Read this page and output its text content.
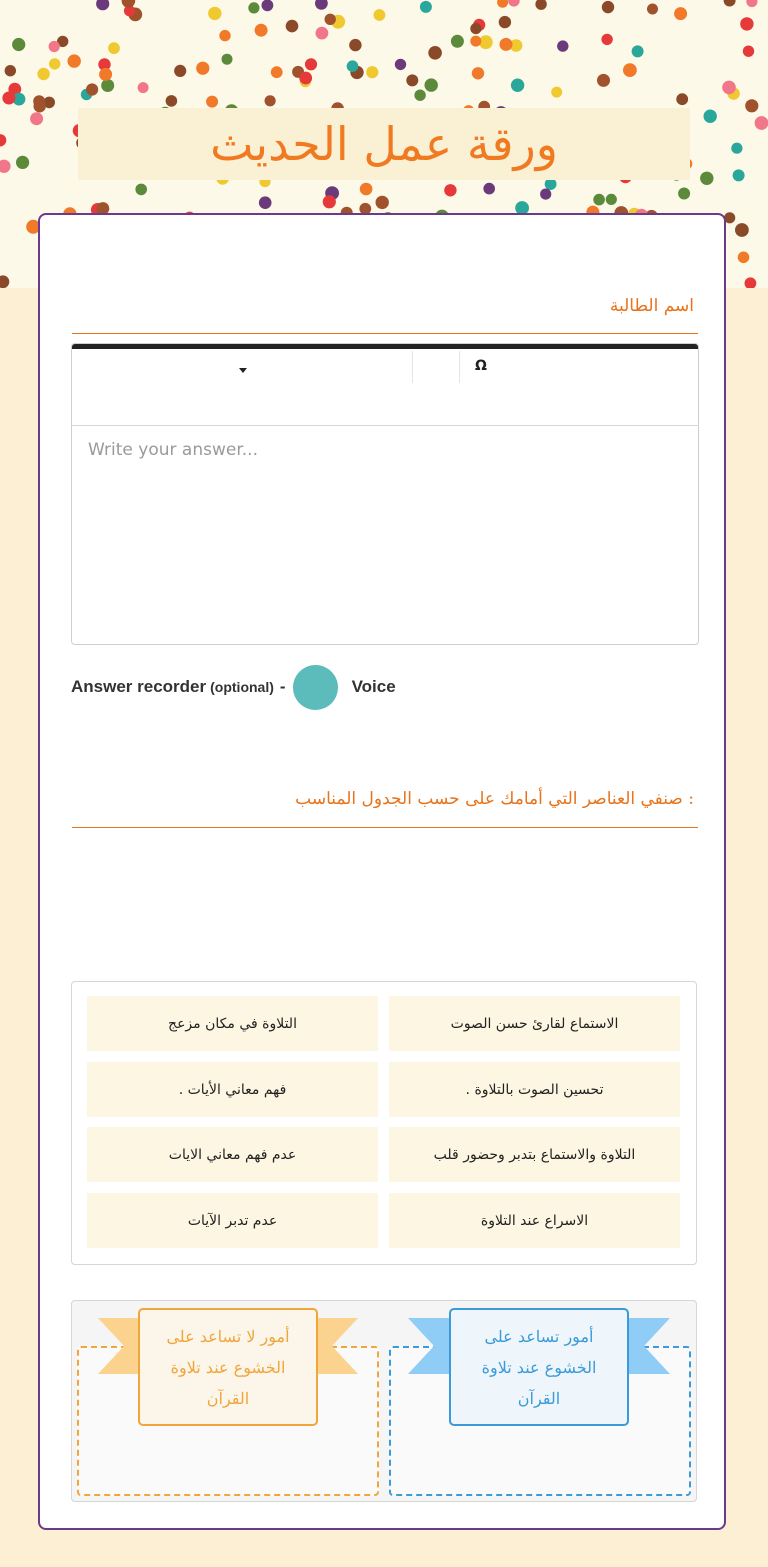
ورقة عمل الحديث
اسم الطالبة
Ω
Write your answer...
Answer recorder (optional) -	Voice
صنفي العناصر التي أمامك على حسب الجدول المناسب :
الاستماع لقارئ حسن الصوت
التلاوة في مكان مزعج
تحسين الصوت بالتلاوة .
فهم معاني الأيات .
التلاوة والاستماع بتدبر وحضور قلب
عدم فهم معاني الايات
الاسراع عند التلاوة
عدم تدبر الآيات
أمور تساعد على الخشوع عند تلاوة القرآن
أمور لا تساعد على الخشوع عند تلاوة القرآن
